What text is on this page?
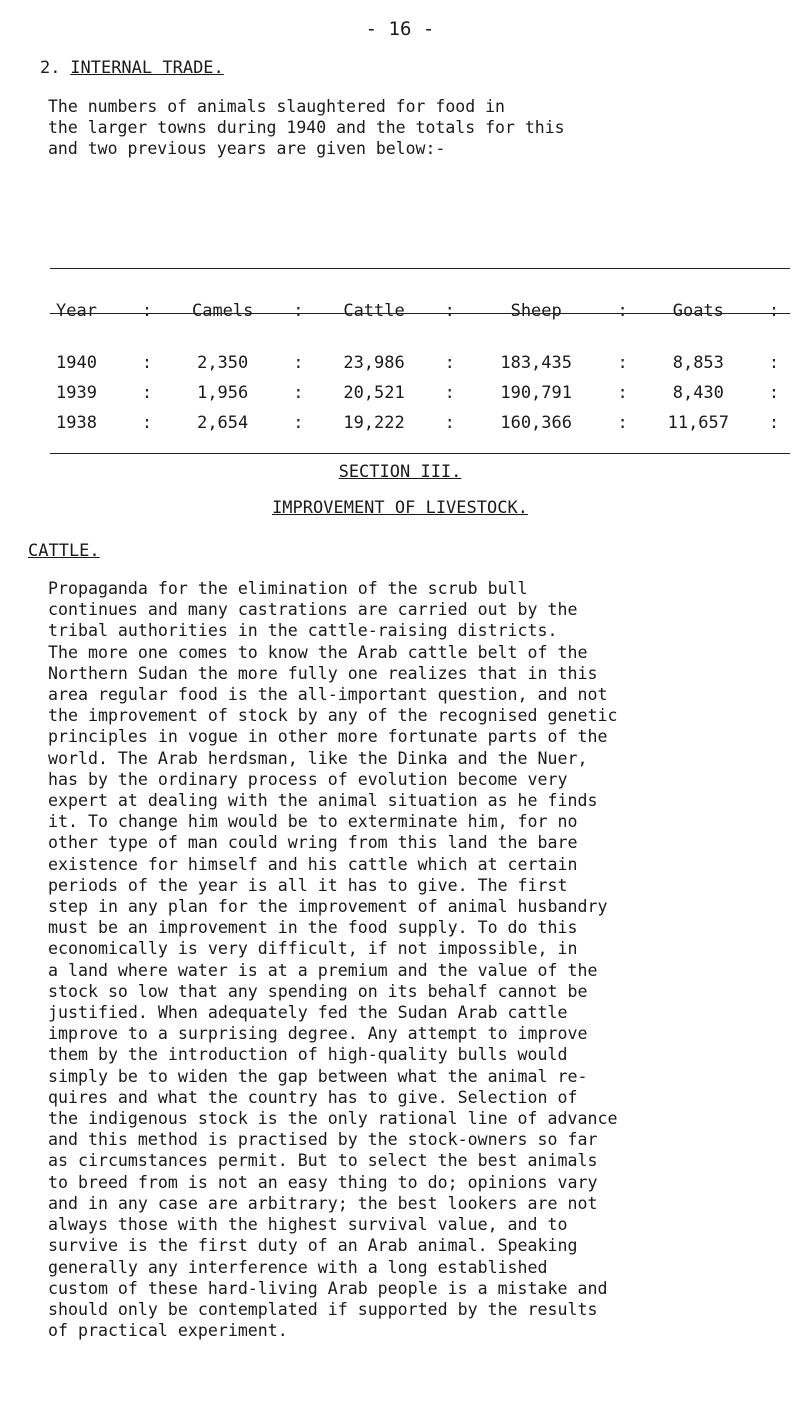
- 16 -
2. INTERNAL TRADE.
The numbers of animals slaughtered for food in
the larger towns during 1940 and the totals for this
and two previous years are given below:-
Year	:	Camels	:	Cattle	:	Sheep	:	Goats	:

1940	:	2,350	:	23,986	:	183,435	:	8,853	:
1939	:	1,956	:	20,521	:	190,791	:	8,430	:
1938	:	2,654	:	19,222	:	160,366	:	11,657	:
SECTION III.
IMPROVEMENT OF LIVESTOCK.
CATTLE.
Propaganda for the elimination of the scrub bull
continues and many castrations are carried out by the
tribal authorities in the cattle-raising districts.
The more one comes to know the Arab cattle belt of the
Northern Sudan the more fully one realizes that in this
area regular food is the all-important question, and not
the improvement of stock by any of the recognised genetic
principles in vogue in other more fortunate parts of the
world. The Arab herdsman, like the Dinka and the Nuer,
has by the ordinary process of evolution become very
expert at dealing with the animal situation as he finds
it. To change him would be to exterminate him, for no
other type of man could wring from this land the bare
existence for himself and his cattle which at certain
periods of the year is all it has to give. The first
step in any plan for the improvement of animal husbandry
must be an improvement in the food supply. To do this
economically is very difficult, if not impossible, in
a land where water is at a premium and the value of the
stock so low that any spending on its behalf cannot be
justified. When adequately fed the Sudan Arab cattle
improve to a surprising degree. Any attempt to improve
them by the introduction of high-quality bulls would
simply be to widen the gap between what the animal re-
quires and what the country has to give. Selection of
the indigenous stock is the only rational line of advance
and this method is practised by the stock-owners so far
as circumstances permit. But to select the best animals
to breed from is not an easy thing to do; opinions vary
and in any case are arbitrary; the best lookers are not
always those with the highest survival value, and to
survive is the first duty of an Arab animal. Speaking
generally any interference with a long established
custom of these hard-living Arab people is a mistake and
should only be contemplated if supported by the results
of practical experiment.
